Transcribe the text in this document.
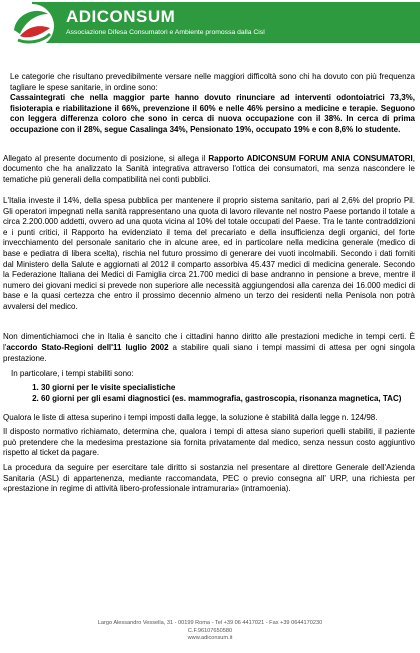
ADICONSUM
Associazione Difesa Consumatori e Ambiente promossa dalla Cisl

Le categorie che risultano prevedibilmente versare nelle maggiori difficoltà sono chi ha dovuto con più frequenza tagliare le spese sanitarie, in ordine sono:
Cassaintegrati che nella maggior parte hanno dovuto rinunciare ad interventi odontoiatrici 73,3%, fisioterapia e riabilitazione il 66%, prevenzione il 60% e nelle 46% persino a medicine e terapie. Seguono con leggera differenza coloro che sono in cerca di nuova occupazione con il 38%. In cerca di prima occupazione con il 28%, segue Casalinga 34%, Pensionato 19%, occupato 19% e con 8,6% lo studente.

Allegato al presente documento di posizione, si allega il Rapporto ADICONSUM FORUM ANIA CONSUMATORI, documento che ha analizzato la Sanità integrativa attraverso l'ottica dei consumatori, ma senza nascondere le tematiche più generali della compatibilità nei conti pubblici.

L'Italia investe il 14%, della spesa pubblica per mantenere il proprio sistema sanitario, pari al 2,6% del proprio Pil. Gli operatori impegnati nella sanità rappresentano una quota di lavoro rilevante nel nostro Paese portando il totale a circa 2.200.000 addetti, ovvero ad una quota vicina al 10% del totale occupati del Paese. Tra le tante contraddizioni e i punti critici, il Rapporto ha evidenziato il tema del precariato e della insufficienza degli organici, del forte invecchiamento del personale sanitario che in alcune aree, ed in particolare nella medicina generale (medico di base e pediatra di libera scelta), rischia nel futuro prossimo di generare dei vuoti incolmabili. Secondo i dati forniti dal Ministero della Salute e aggiornati al 2012 il comparto assorbiva 45.437 medici di medicina generale. Secondo la Federazione Italiana dei Medici di Famiglia circa 21.700 medici di base andranno in pensione a breve, mentre il numero dei giovani medici si prevede non superiore alle necessità aggiungendosi alla carenza dei 16.000 medici di base e la quasi certezza che entro il prossimo decennio almeno un terzo dei residenti nella Penisola non potrà avvalersi del medico.

Non dimentichiamoci che in Italia è sancito che i cittadini hanno diritto alle prestazioni mediche in tempi certi. È l'accordo Stato-Regioni dell'11 luglio 2002 a stabilire quali siano i tempi massimi di attesa per ogni singola prestazione.

In particolare, i tempi stabiliti sono:
1. 30 giorni per le visite specialistiche
2. 60 giorni per gli esami diagnostici (es. mammografia, gastroscopia, risonanza magnetica, TAC)

Qualora le liste di attesa superino i tempi imposti dalla legge, la soluzione è stabilità dalla legge n. 124/98.

Il disposto normativo richiamato, determina che, qualora i tempi di attesa siano superiori quelli stabiliti, il paziente può pretendere che la medesima prestazione sia fornita privatamente dal medico, senza nessun costo aggiuntivo rispetto al ticket da pagare.

La procedura da seguire per esercitare tale diritto si sostanzia nel presentare al direttore Generale dell'Azienda Sanitaria (ASL) di appartenenza, mediante raccomandata, PEC o previo consegna all' URP, una richiesta per «prestazione in regime di attività libero-professionale intramuraria» (intramoenia).

Largo Alessandro Vessella, 31 - 00199 Roma - Tel +39 06 4417021 - Fax +39 0644170230
C.F.96107650580
www.adiconsum.it
